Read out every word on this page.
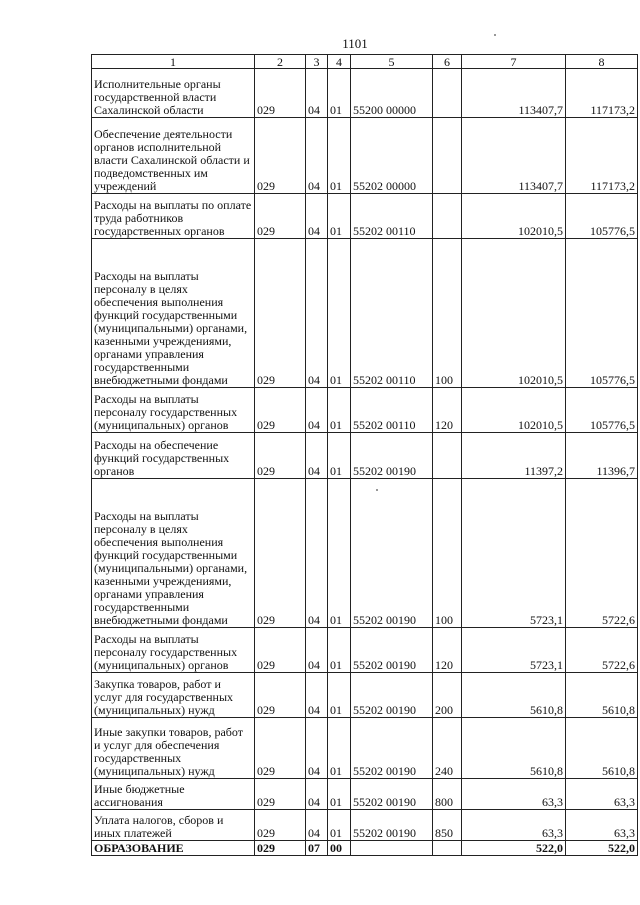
1101
1	2	3	4	5	6	7	8
Исполнительные органы государственной власти Сахалинской области	029	04	01	55200 00000		113407,7	117173,2
Обеспечение деятельности органов исполнительной власти Сахалинской области и подведомственных им учреждений	029	04	01	55202 00000		113407,7	117173,2
Расходы на выплаты по оплате труда работников государственных органов	029	04	01	55202 00110		102010,5	105776,5
Расходы на выплаты персоналу в целях обеспечения выполнения функций государственными (муниципальными) органами, казенными учреждениями, органами управления государственными внебюджетными фондами	029	04	01	55202 00110	100	102010,5	105776,5
Расходы на выплаты персоналу государственных (муниципальных) органов	029	04	01	55202 00110	120	102010,5	105776,5
Расходы на обеспечение функций государственных органов	029	04	01	55202 00190		11397,2	11396,7
Расходы на выплаты персоналу в целях обеспечения выполнения функций государственными (муниципальными) органами, казенными учреждениями, органами управления государственными внебюджетными фондами	029	04	01	55202 00190	100	5723,1	5722,6
Расходы на выплаты персоналу государственных (муниципальных) органов	029	04	01	55202 00190	120	5723,1	5722,6
Закупка товаров, работ и услуг для государственных (муниципальных) нужд	029	04	01	55202 00190	200	5610,8	5610,8
Иные закупки товаров, работ и услуг для обеспечения государственных (муниципальных) нужд	029	04	01	55202 00190	240	5610,8	5610,8
Иные бюджетные ассигнования	029	04	01	55202 00190	800	63,3	63,3
Уплата налогов, сборов и иных платежей	029	04	01	55202 00190	850	63,3	63,3
ОБРАЗОВАНИЕ	029	07	00			522,0	522,0
